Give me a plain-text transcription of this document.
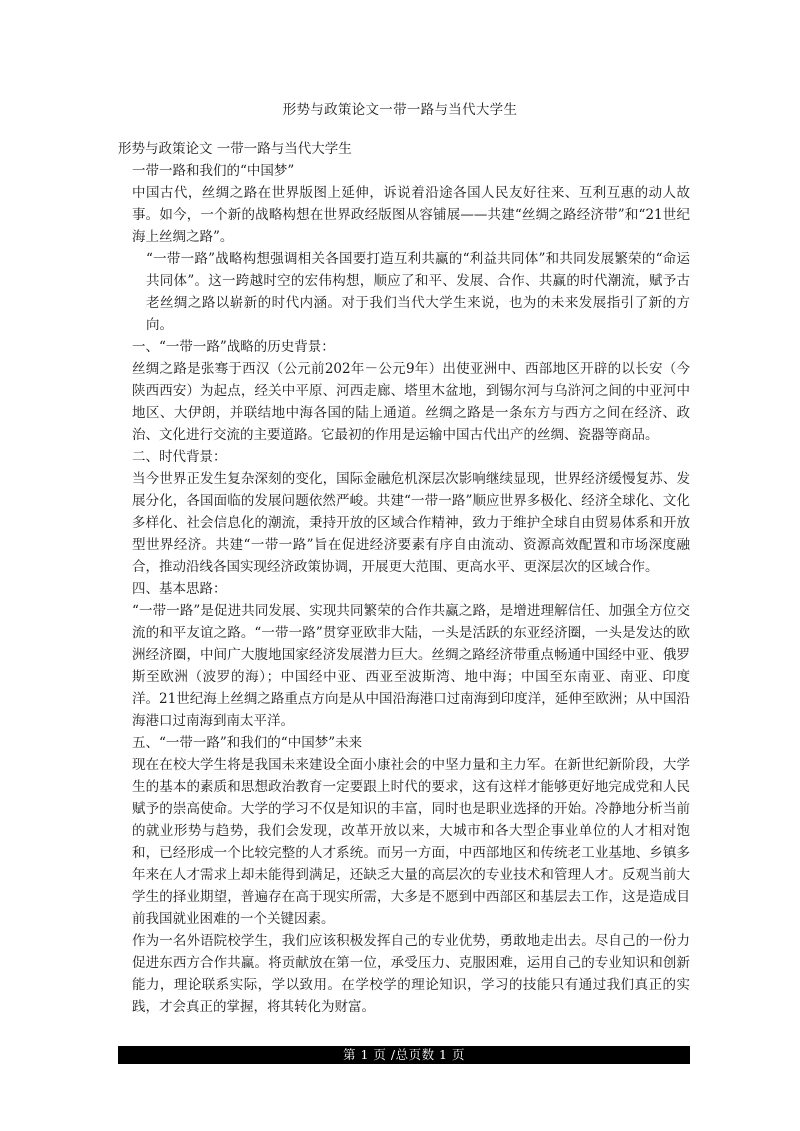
形势与政策论文一带一路与当代大学生

形势与政策论文 一带一路与当代大学生

一带一路和我们的“中国梦”

中国古代，丝绸之路在世界版图上延伸，诉说着沿途各国人民友好往来、互利互惠的动人故事。如今，一个新的战略构想在世界政经版图从容铺展——共建“丝绸之路经济带”和“21世纪海上丝绸之路”。

“一带一路”战略构想强调相关各国要打造互利共赢的“利益共同体”和共同发展繁荣的“命运共同体”。这一跨越时空的宏伟构想，顺应了和平、发展、合作、共赢的时代潮流，赋予古老丝绸之路以崭新的时代内涵。对于我们当代大学生来说，也为的未来发展指引了新的方向。

一、“一带一路”战略的历史背景：

丝绸之路是张骞于西汉（公元前202年－公元9年）出使亚洲中、西部地区开辟的以长安（今陕西西安）为起点，经关中平原、河西走廊、塔里木盆地，到锡尔河与乌浒河之间的中亚河中地区、大伊朗，并联结地中海各国的陆上通道。丝绸之路是一条东方与西方之间在经济、政治、文化进行交流的主要道路。它最初的作用是运输中国古代出产的丝绸、瓷器等商品。

二、时代背景：

当今世界正发生复杂深刻的变化，国际金融危机深层次影响继续显现，世界经济缓慢复苏、发展分化，各国面临的发展问题依然严峻。共建“一带一路”顺应世界多极化、经济全球化、文化多样化、社会信息化的潮流，秉持开放的区域合作精神，致力于维护全球自由贸易体系和开放型世界经济。共建“一带一路”旨在促进经济要素有序自由流动、资源高效配置和市场深度融合，推动沿线各国实现经济政策协调，开展更大范围、更高水平、更深层次的区域合作。

四、基本思路：

“一带一路”是促进共同发展、实现共同繁荣的合作共赢之路，是增进理解信任、加强全方位交流的和平友谊之路。“一带一路”贯穿亚欧非大陆，一头是活跃的东亚经济圈，一头是发达的欧洲经济圈，中间广大腹地国家经济发展潜力巨大。丝绸之路经济带重点畅通中国经中亚、俄罗斯至欧洲（波罗的海）；中国经中亚、西亚至波斯湾、地中海；中国至东南亚、南亚、印度洋。21世纪海上丝绸之路重点方向是从中国沿海港口过南海到印度洋，延伸至欧洲；从中国沿海港口过南海到南太平洋。

五、“一带一路”和我们的“中国梦”未来

现在在校大学生将是我国未来建设全面小康社会的中坚力量和主力军。在新世纪新阶段，大学生的基本的素质和思想政治教育一定要跟上时代的要求，这有这样才能够更好地完成党和人民赋予的崇高使命。大学的学习不仅是知识的丰富，同时也是职业选择的开始。冷静地分析当前的就业形势与趋势，我们会发现，改革开放以来，大城市和各大型企事业单位的人才相对饱和，已经形成一个比较完整的人才系统。而另一方面，中西部地区和传统老工业基地、乡镇多年来在人才需求上却未能得到满足，还缺乏大量的高层次的专业技术和管理人才。反观当前大学生的择业期望，普遍存在高于现实所需，大多是不愿到中西部区和基层去工作，这是造成目前我国就业困难的一个关键因素。

作为一名外语院校学生，我们应该积极发挥自己的专业优势，勇敢地走出去。尽自己的一份力促进东西方合作共赢。将贡献放在第一位，承受压力、克服困难，运用自己的专业知识和创新能力，理论联系实际，学以致用。在学校学的理论知识，学习的技能只有通过我们真正的实践，才会真正的掌握，将其转化为财富。

第 1 页 /总页数 1 页
